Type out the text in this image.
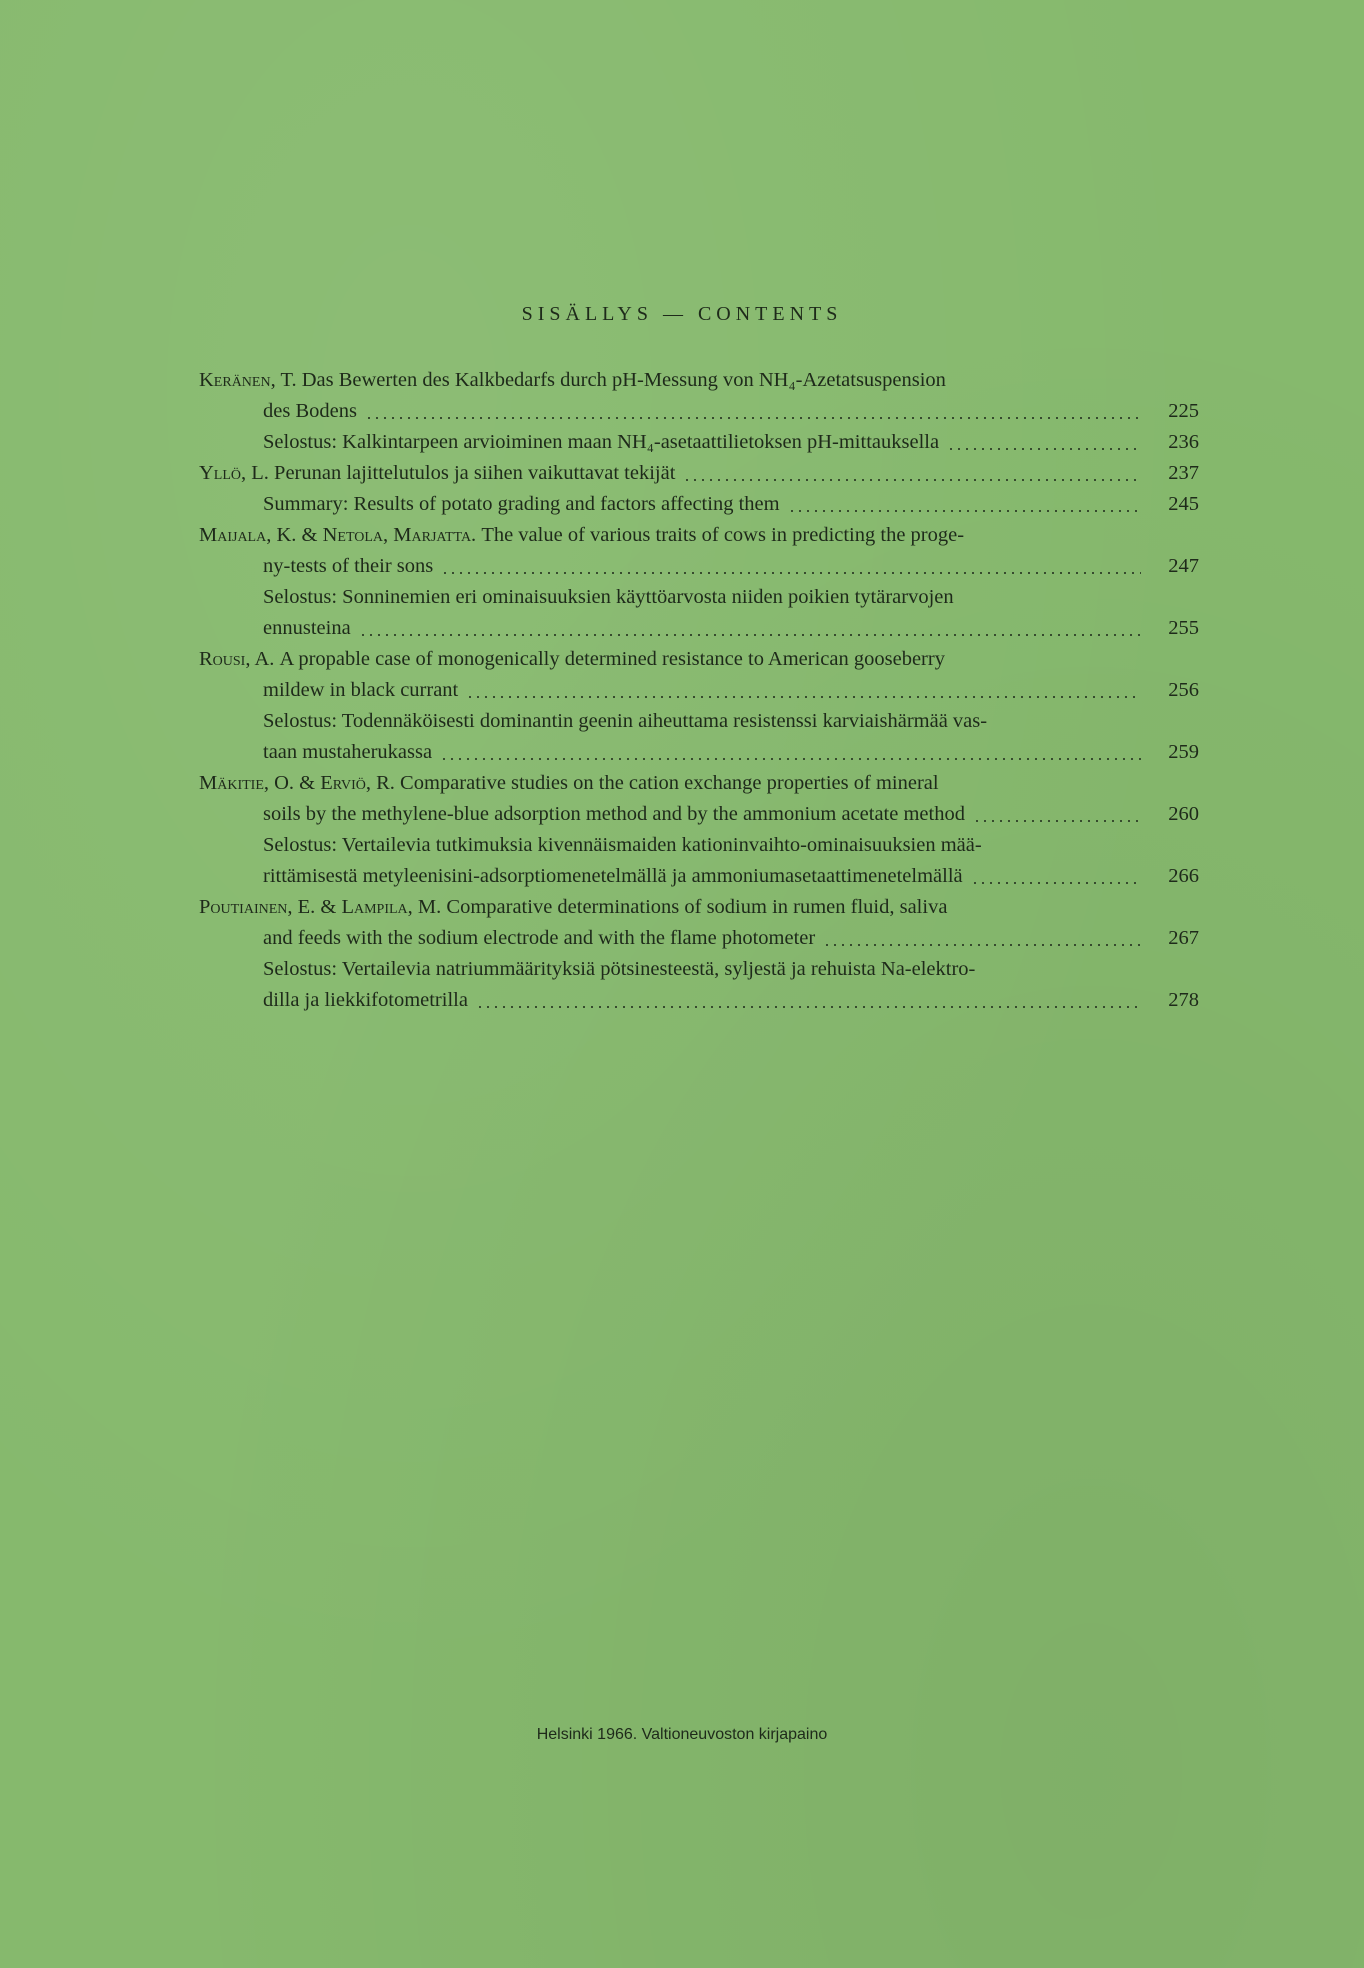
SISÄLLYS — CONTENTS
Keränen, T. Das Bewerten des Kalkbedarfs durch pH-Messung von NH₄-Azetatsuspension
des Bodens	225
Selostus: Kalkintarpeen arvioiminen maan NH₄-asetaattilietoksen pH-mittauksella	236
Yllö, L. Perunan lajittelutulos ja siihen vaikuttavat tekijät	237
Summary: Results of potato grading and factors affecting them	245
Maijala, K. & Netola, Marjatta. The value of various traits of cows in predicting the proge-
ny-tests of their sons	247
Selostus: Sonninemien eri ominaisuuksien käyttöarvosta niiden poikien tytärarvojen
ennusteina	255
Rousi, A. A propable case of monogenically determined resistance to American gooseberry
mildew in black currant	256
Selostus: Todennäköisesti dominantin geenin aiheuttama resistenssi karviaishärmää vas-
taan mustaherukassa	259
Mäkitie, O. & Erviö, R. Comparative studies on the cation exchange properties of mineral
soils by the methylene-blue adsorption method and by the ammonium acetate method	260
Selostus: Vertailevia tutkimuksia kivennäismaiden kationinvaihto-ominaisuuksien mää-
rittämisestä metyleenisini-adsorptiomenetelmällä ja ammoniumasetaattimenetelmällä	266
Poutiainen, E. & Lampila, M. Comparative determinations of sodium in rumen fluid, saliva
and feeds with the sodium electrode and with the flame photometer	267
Selostus: Vertailevia natriummäärityksiä pötsinesteestä, syljestä ja rehuista Na-elektro-
dilla ja liekkifotometrilla	278
Helsinki 1966. Valtioneuvoston kirjapaino
